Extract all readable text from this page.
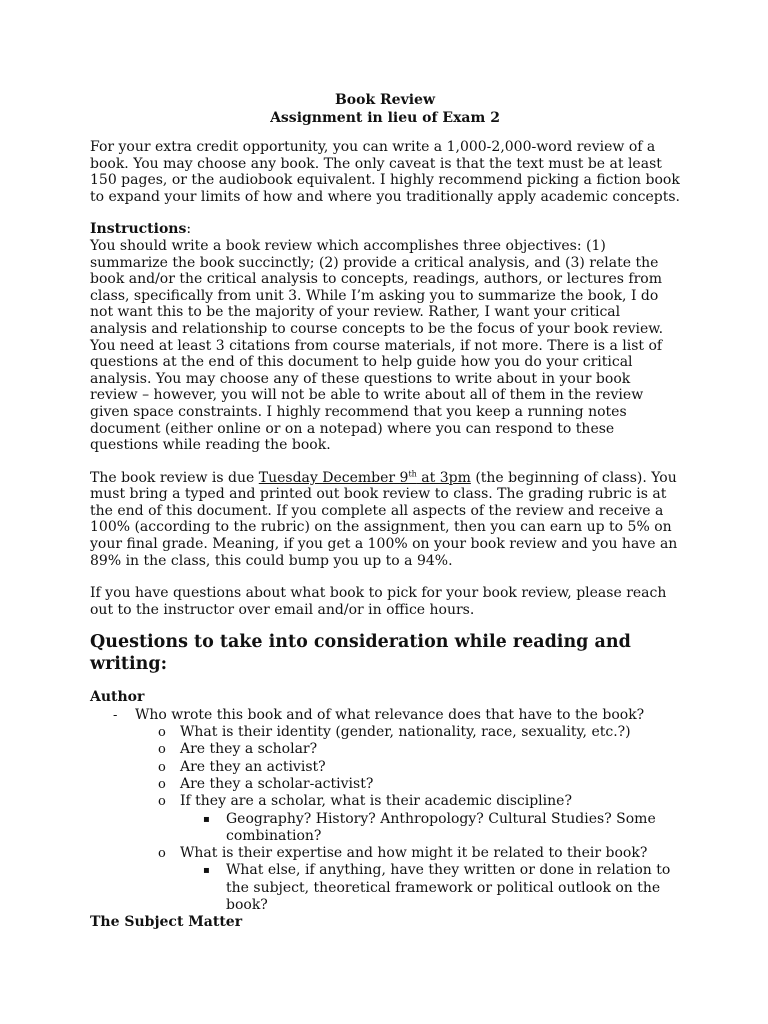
Book Review

Assignment in lieu of Exam 2

For your extra credit opportunity, you can write a 1,000-2,000-word review of a book. You may choose any book. The only caveat is that the text must be at least 150 pages, or the audiobook equivalent. I highly recommend picking a fiction book to expand your limits of how and where you traditionally apply academic concepts.

Instructions:

You should write a book review which accomplishes three objectives: (1) summarize the book succinctly; (2) provide a critical analysis, and (3) relate the book and/or the critical analysis to concepts, readings, authors, or lectures from class, specifically from unit 3. While I’m asking you to summarize the book, I do not want this to be the majority of your review. Rather, I want your critical analysis and relationship to course concepts to be the focus of your book review. You need at least 3 citations from course materials, if not more. There is a list of questions at the end of this document to help guide how you do your critical analysis. You may choose any of these questions to write about in your book review – however, you will not be able to write about all of them in the review given space constraints. I highly recommend that you keep a running notes document (either online or on a notepad) where you can respond to these questions while reading the book.

The book review is due Tuesday December 9th at 3pm (the beginning of class). You must bring a typed and printed out book review to class. The grading rubric is at the end of this document. If you complete all aspects of the review and receive a 100% (according to the rubric) on the assignment, then you can earn up to 5% on your final grade. Meaning, if you get a 100% on your book review and you have an 89% in the class, this could bump you up to a 94%.

If you have questions about what book to pick for your book review, please reach out to the instructor over email and/or in office hours.

Questions to take into consideration while reading and writing:

Author

- Who wrote this book and of what relevance does that have to the book?
o What is their identity (gender, nationality, race, sexuality, etc.?)
o Are they a scholar?
o Are they an activist?
o Are they a scholar-activist?
o If they are a scholar, what is their academic discipline?
▪ Geography? History? Anthropology? Cultural Studies? Some combination?
o What is their expertise and how might it be related to their book?
▪ What else, if anything, have they written or done in relation to the subject, theoretical framework or political outlook on the book?

The Subject Matter
